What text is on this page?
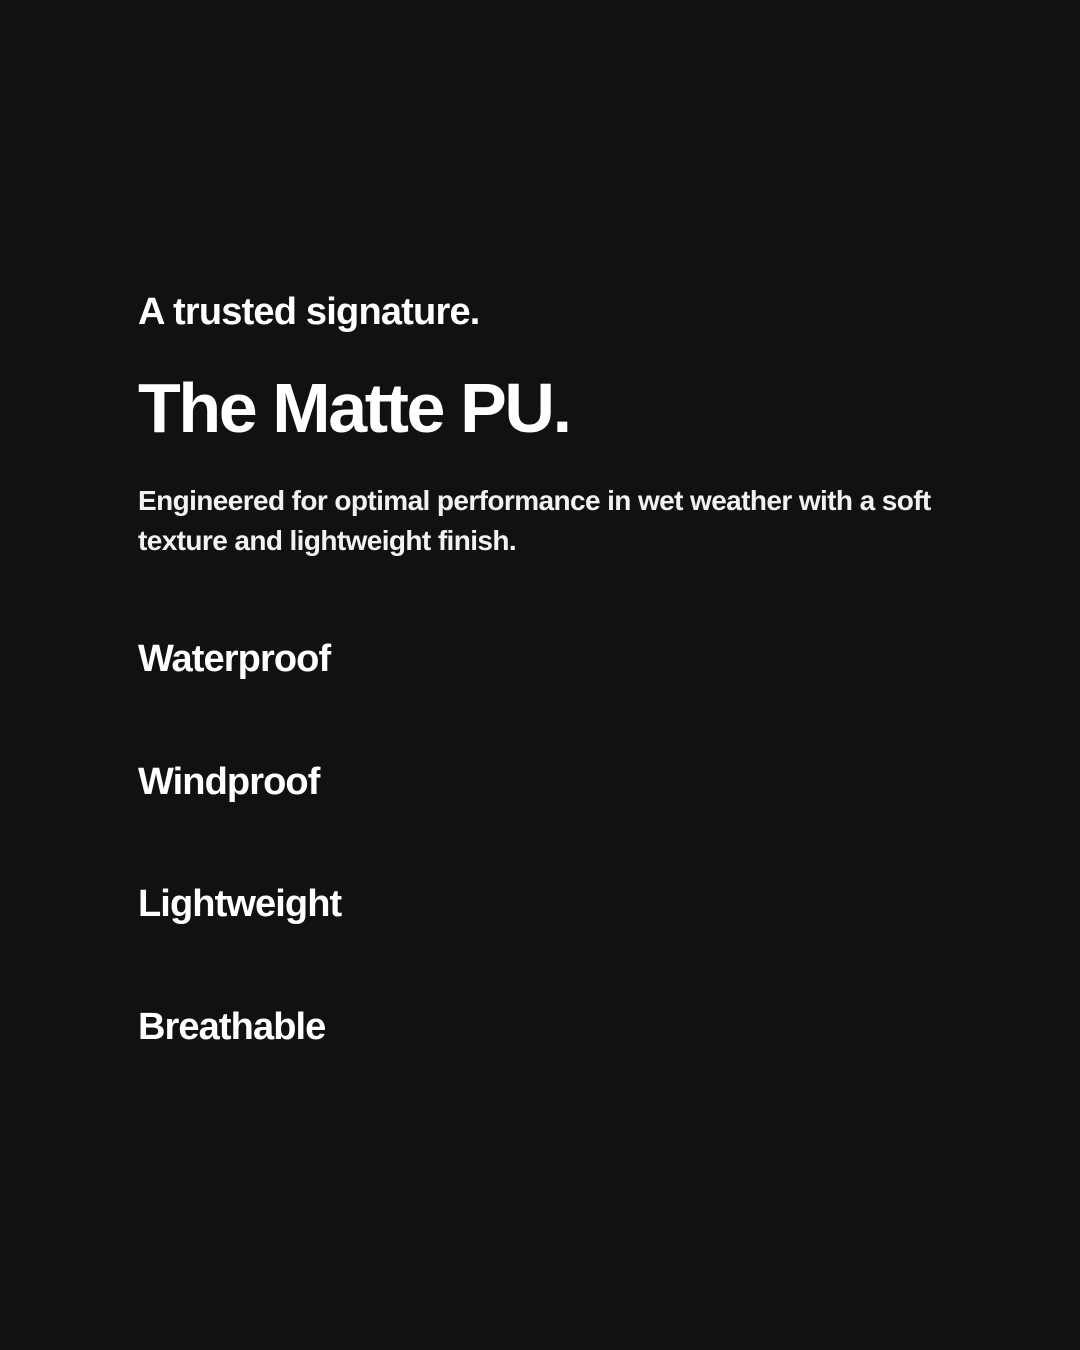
A trusted signature.

The Matte PU.

Engineered for optimal performance in wet weather with a soft texture and lightweight finish.

Waterproof
Windproof
Lightweight
Breathable
